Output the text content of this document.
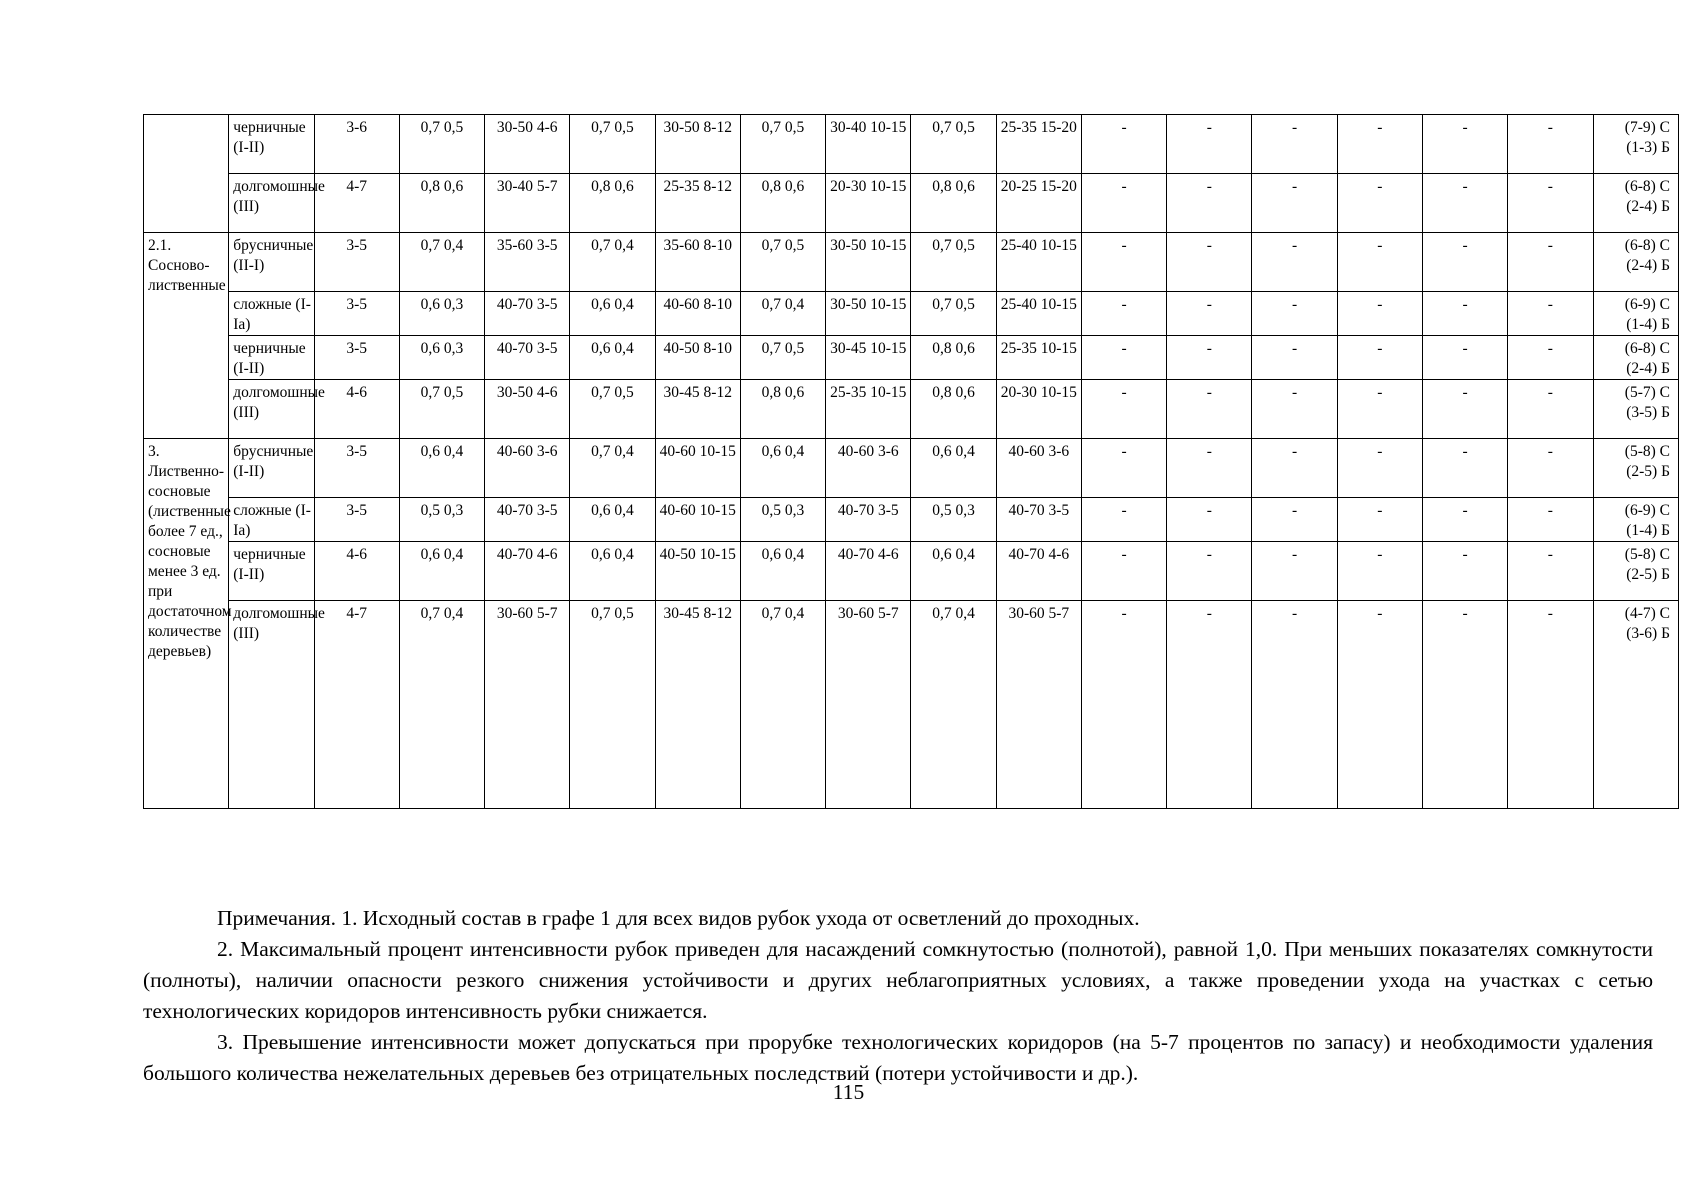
	черничные (I-II)	3-6	0,7 0,5	30-50 4-6	0,7 0,5	30-50 8-12	0,7 0,5	30-40 10-15	0,7 0,5	25-35 15-20	-	-	-	-	-	-	(7-9) С
(1-3) Б

	долгомошные (III)	4-7	0,8 0,6	30-40 5-7	0,8 0,6	25-35 8-12	0,8 0,6	20-30 10-15	0,8 0,6	20-25 15-20	-	-	-	-	-	-	(6-8) С
(2-4) Б

2.1. Сосново-лиственные	брусничные (II-I)	3-5	0,7 0,4	35-60 3-5	0,7 0,4	35-60 8-10	0,7 0,5	30-50 10-15	0,7 0,5	25-40 10-15	-	-	-	-	-	-	(6-8) С
(2-4) Б

	сложные (I-Ia)	3-5	0,6 0,3	40-70 3-5	0,6 0,4	40-60 8-10	0,7 0,4	30-50 10-15	0,7 0,5	25-40 10-15	-	-	-	-	-	-	(6-9) С
(1-4) Б

	черничные (I-II)	3-5	0,6 0,3	40-70 3-5	0,6 0,4	40-50 8-10	0,7 0,5	30-45 10-15	0,8 0,6	25-35 10-15	-	-	-	-	-	-	(6-8) С
(2-4) Б

	долгомошные (III)	4-6	0,7 0,5	30-50 4-6	0,7 0,5	30-45 8-12	0,8 0,6	25-35 10-15	0,8 0,6	20-30 10-15	-	-	-	-	-	-	(5-7) С
(3-5) Б

3. Лиственно-сосновые (лиственные более 7 ед., сосновые менее 3 ед. при достаточном количестве деревьев)	брусничные (I-II)	3-5	0,6 0,4	40-60 3-6	0,7 0,4	40-60 10-15	0,6 0,4	40-60 3-6	0,6 0,4	40-60 3-6	-	-	-	-	-	-	(5-8) С
(2-5) Б

	сложные (I-Ia)	3-5	0,5 0,3	40-70 3-5	0,6 0,4	40-60 10-15	0,5 0,3	40-70 3-5	0,5 0,3	40-70 3-5	-	-	-	-	-	-	(6-9) С
(1-4) Б

	черничные (I-II)	4-6	0,6 0,4	40-70 4-6	0,6 0,4	40-50 10-15	0,6 0,4	40-70 4-6	0,6 0,4	40-70 4-6	-	-	-	-	-	-	(5-8) С
(2-5) Б

	долгомошные (III)	4-7	0,7 0,4	30-60 5-7	0,7 0,5	30-45 8-12	0,7 0,4	30-60 5-7	0,7 0,4	30-60 5-7	-	-	-	-	-	-	(4-7) С
(3-6) Б

Примечания. 1. Исходный состав в графе 1 для всех видов рубок ухода от осветлений до проходных.

2. Максимальный процент интенсивности рубок приведен для насаждений сомкнутостью (полнотой), равной 1,0. При меньших показателях сомкнутости (полноты), наличии опасности резкого снижения устойчивости и других неблагоприятных условиях, а также проведении ухода на участках с сетью технологических коридоров интенсивность рубки снижается.

3. Превышение интенсивности может допускаться при прорубке технологических коридоров (на 5-7 процентов по запасу) и необходимости удаления большого количества нежелательных деревьев без отрицательных последствий (потери устойчивости и др.).

115
